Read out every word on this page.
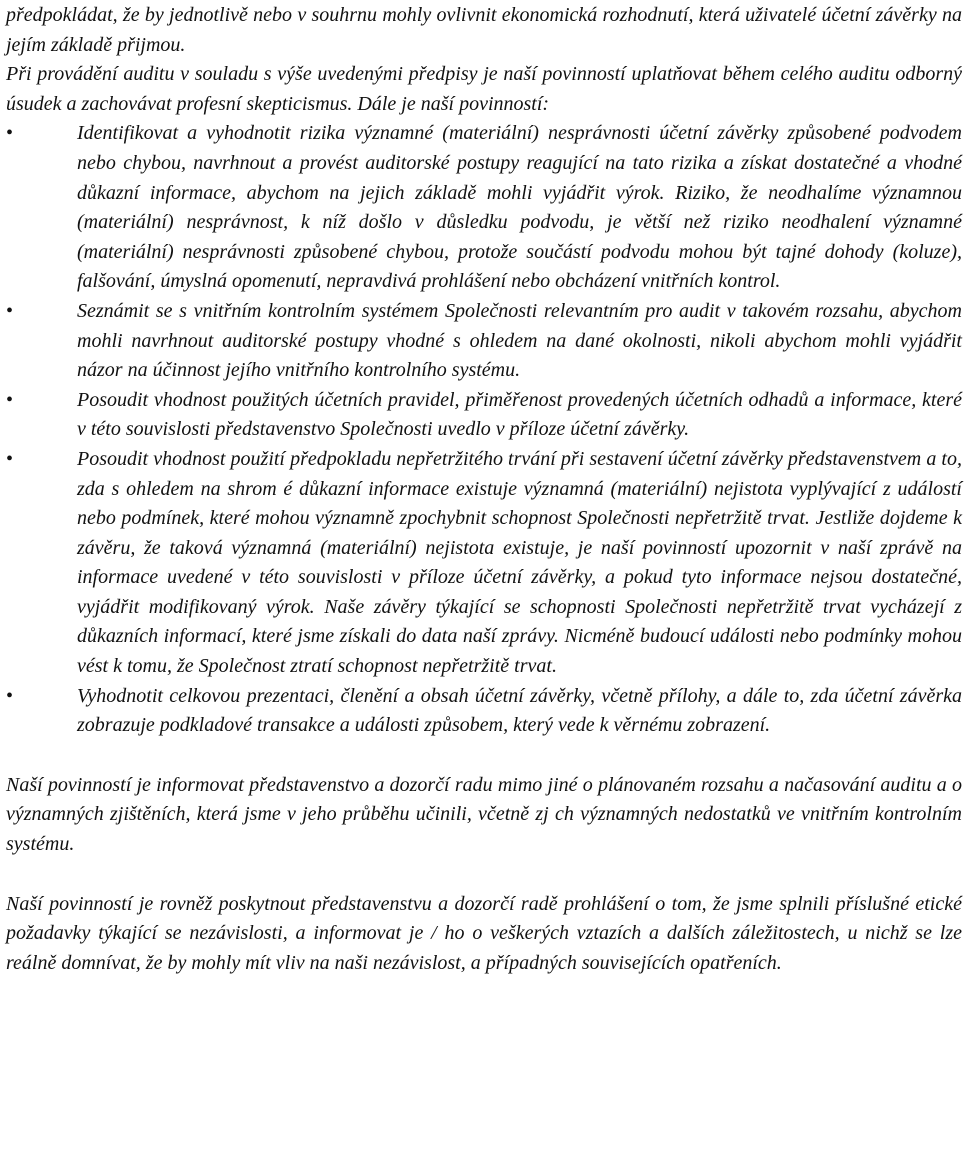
předpokládat, že by jednotlivě nebo v souhrnu mohly ovlivnit ekonomická rozhodnutí, která uživatelé účetní závěrky na jejím základě přijmou.

Při provádění auditu v souladu s výše uvedenými předpisy je naší povinností uplatňovat během celého auditu odborný úsudek a zachovávat profesní skepticismus. Dále je naší povinností:

•	Identifikovat a vyhodnotit rizika významné (materiální) nesprávnosti účetní závěrky způsobené podvodem nebo chybou, navrhnout a provést auditorské postupy reagující na tato rizika a získat dostatečné a vhodné důkazní informace, abychom na jejich základě mohli vyjádřit výrok. Riziko, že neodhalíme významnou (materiální) nesprávnost, k níž došlo v důsledku podvodu, je větší než riziko neodhalení významné (materiální) nesprávnosti způsobené chybou, protože součástí podvodu mohou být tajné dohody (koluze), falšování, úmyslná opomenutí, nepravdivá prohlášení nebo obcházení vnitřních kontrol.
•	Seznámit se s vnitřním kontrolním systémem Společnosti relevantním pro audit v takovém rozsahu, abychom mohli navrhnout auditorské postupy vhodné s ohledem na dané okolnosti, nikoli abychom mohli vyjádřit názor na účinnost jejího vnitřního kontrolního systému.
•	Posoudit vhodnost použitých účetních pravidel, přiměřenost provedených účetních odhadů a informace, které v této souvislosti představenstvo Společnosti uvedlo v příloze účetní závěrky.
•	Posoudit vhodnost použití předpokladu nepřetržitého trvání při sestavení účetní závěrky představenstvem a to, zda s ohledem na shrom é důkazní informace existuje významná (materiální) nejistota vyplývající z událostí nebo podmínek, které mohou významně zpochybnit schopnost Společnosti nepřetržitě trvat. Jestliže dojdeme k závěru, že taková významná (materiální) nejistota existuje, je naší povinností upozornit v naší zprávě na informace uvedené v této souvislosti v příloze účetní závěrky, a pokud tyto informace nejsou dostatečné, vyjádřit modifikovaný výrok. Naše závěry týkající se schopnosti Společnosti nepřetržitě trvat vycházejí z důkazních informací, které jsme získali do data naší zprávy. Nicméně budoucí události nebo podmínky mohou vést k tomu, že Společnost ztratí schopnost nepřetržitě trvat.
•	Vyhodnotit celkovou prezentaci, členění a obsah účetní závěrky, včetně přílohy, a dále to, zda účetní závěrka zobrazuje podkladové transakce a události způsobem, který vede k věrnému zobrazení.

Naší povinností je informovat představenstvo a dozorčí radu mimo jiné o plánovaném rozsahu a načasování auditu a o významných zjištěních, která jsme v jeho průběhu učinili, včetně zj ch významných nedostatků ve vnitřním kontrolním systému.

Naší povinností je rovněž poskytnout představenstvu a dozorčí radě prohlášení o tom, že jsme splnili příslušné etické požadavky týkající se nezávislosti, a informovat je / ho o veškerých vztazích a dalších záležitostech, u nichž se lze reálně domnívat, že by mohly mít vliv na naši nezávislost, a případných souvisejících opatřeních.
